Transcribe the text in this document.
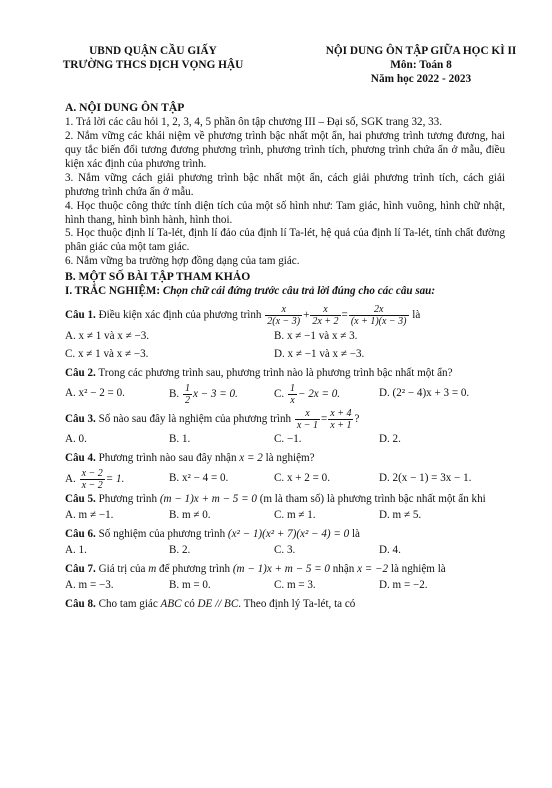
UBND QUẬN CẦU GIẤY
TRƯỜNG THCS DỊCH VỌNG HẬU
NỘI DUNG ÔN TẬP GIỮA HỌC KÌ II
Môn: Toán 8
Năm học 2022 - 2023
A. NỘI DUNG ÔN TẬP

1. Trả lời các câu hỏi 1, 2, 3, 4, 5 phần ôn tập chương III – Đại số, SGK trang 32, 33.

2. Nắm vững các khái niệm về phương trình bậc nhất một ẩn, hai phương trình tương đương, hai quy tắc biến đổi tương đương phương trình, phương trình tích, phương trình chứa ẩn ở mẫu, điều kiện xác định của phương trình.

3. Nắm vững cách giải phương trình bậc nhất một ẩn, cách giải phương trình tích, cách giải phương trình chứa ẩn ở mẫu.

4. Học thuộc công thức tính diện tích của một số hình như: Tam giác, hình vuông, hình chữ nhật, hình thang, hình bình hành, hình thoi.

5. Học thuộc định lí Ta-lét, định lí đảo của định lí Ta-lét, hệ quả của định lí Ta-lét, tính chất đường phân giác của một tam giác.

6. Nắm vững ba trường hợp đồng dạng của tam giác.

B. MỘT SỐ BÀI TẬP THAM KHẢO
I. TRẮC NGHIỆM: Chọn chữ cái đứng trước câu trả lời đúng cho các câu sau:
Câu 1. Điều kiện xác định của phương trình $\frac{x}{2(x - 3)} + \frac{x}{2x + 2} = \frac{2x}{(x + 1)(x - 3)}$ là
A. x ≠ 1 và x ≠ −3.	B. x ≠ −1 và x ≠ 3.
C. x ≠ 1 và x ≠ −3.	D. x ≠ −1 và x ≠ −3.
Câu 2. Trong các phương trình sau, phương trình nào là phương trình bậc nhất một ẩn?
A. x² − 2 = 0.	B. $\frac{1}{2}$ x − 3 = 0.	C. $\frac{1}{x} - 2x = 0$.	D. (2² − 4)x + 3 = 0.
Câu 3. Số nào sau đây là nghiệm của phương trình $\frac{x}{x - 1} = \frac{x + 4}{x + 1}$ ?
A. 0.	B. 1.	C. −1.	D. 2.
Câu 4. Phương trình nào sau đây nhận x = 2 là nghiệm?
A. $\frac{x - 2}{x - 2} = 1$.	B. x² − 4 = 0.	C. x + 2 = 0.	D. 2(x − 1) = 3x − 1.
Câu 5. Phương trình (m − 1)x + m − 5 = 0 (m là tham số) là phương trình bậc nhất một ẩn khi
A. m ≠ −1.	B. m ≠ 0.	C. m ≠ 1.	D. m ≠ 5.
Câu 6. Số nghiệm của phương trình (x² − 1)(x² + 7)(x² − 4) = 0 là
A. 1.	B. 2.	C. 3.	D. 4.
Câu 7. Giá trị của m để phương trình (m − 1)x + m − 5 = 0 nhận x = −2 là nghiệm là
A. m = −3.	B. m = 0.	C. m = 3.	D. m = −2.
Câu 8. Cho tam giác ABC có DE // BC. Theo định lý Ta-lét, ta có
